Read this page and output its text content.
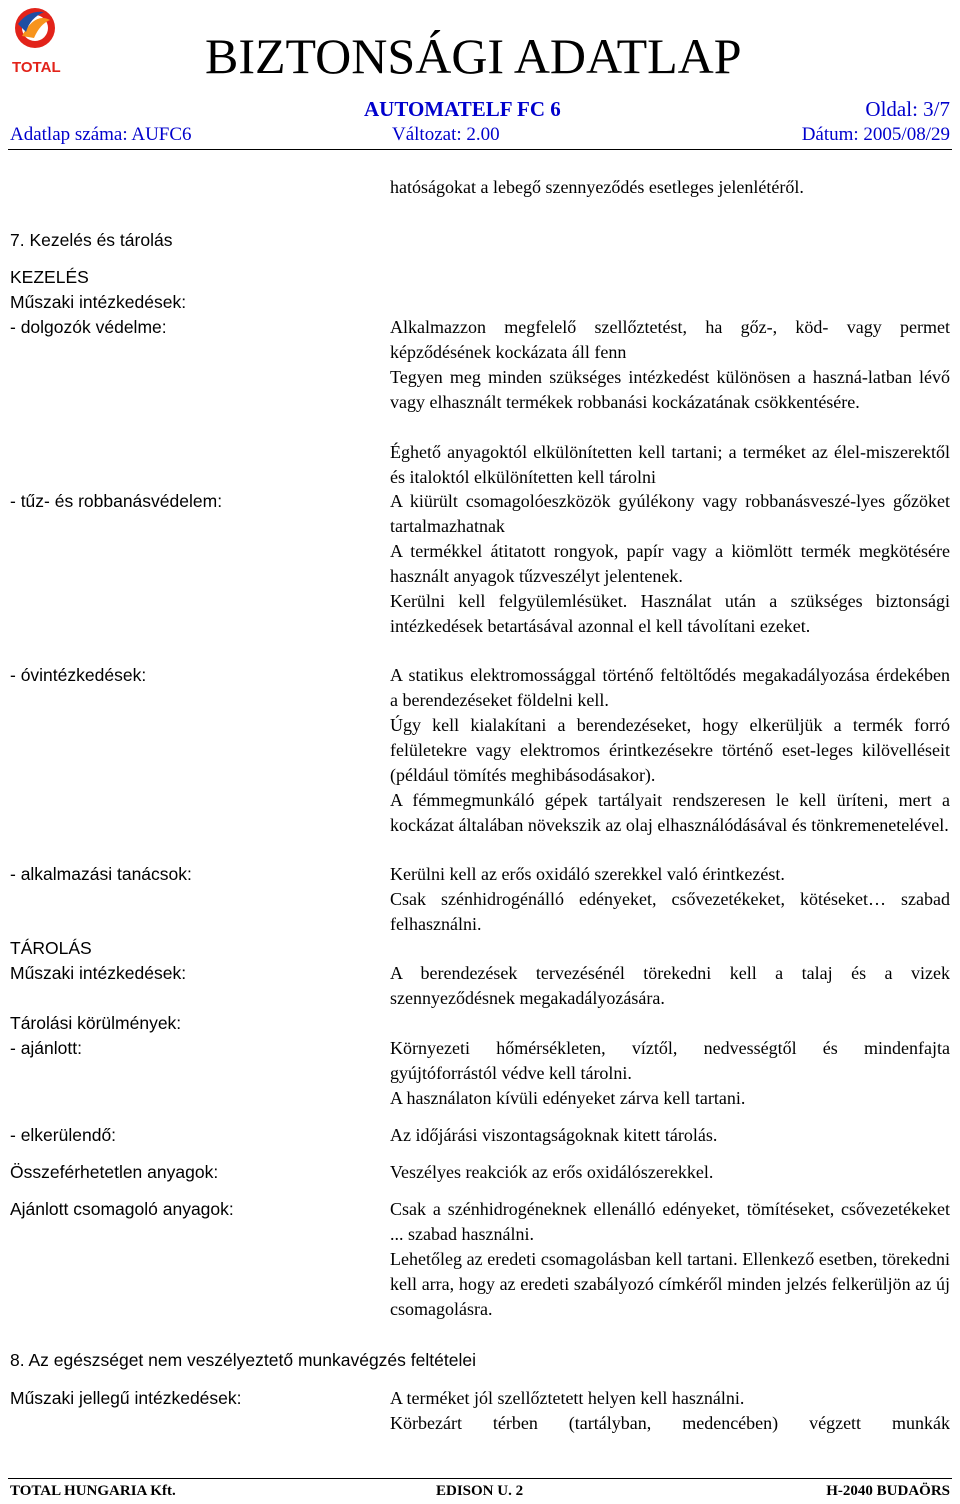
TOTAL	BIZTONSÁGI ADATLAP
AUTOMATELF FC 6	Oldal: 3/7
Adatlap száma: AUFC6	Változat: 2.00	Dátum: 2005/08/29
hatóságokat a lebegő szennyeződés esetleges jelenlétéről.
7. Kezelés és tárolás
KEZELÉS
Műszaki intézkedések:
- dolgozók védelme:	Alkalmazzon megfelelő szellőztetést, ha gőz-, köd- vagy permet képződésének kockázata áll fenn
Tegyen meg minden szükséges intézkedést különösen a haszná-latban lévő vagy elhasznált termékek robbanási kockázatának csökkentésére.
Éghető anyagoktól elkülönítetten kell tartani; a terméket az élel-miszerektől és italoktól elkülönítetten kell tárolni
- tűz- és robbanásvédelem:	A kiürült csomagolóeszközök gyúlékony vagy robbanásveszé-lyes gőzöket tartalmazhatnak
A termékkel átitatott rongyok, papír vagy a kiömlött termék megkötésére használt anyagok tűzveszélyt jelentenek.
Kerülni kell felgyülemlésüket. Használat után a szükséges biztonsági intézkedések betartásával azonnal el kell távolítani ezeket.
- óvintézkedések:	A statikus elektromossággal történő feltöltődés megakadályozása érdekében a berendezéseket földelni kell.
Úgy kell kialakítani a berendezéseket, hogy elkerüljük a termék forró felületekre vagy elektromos érintkezésekre történő eset-leges kilövelléseit (például tömítés meghibásodásakor).
A fémmegmunkáló gépek tartályait rendszeresen le kell üríteni, mert a kockázat általában növekszik az olaj elhasználódásával és tönkremenetelével.
- alkalmazási tanácsok:	Kerülni kell az erős oxidáló szerekkel való érintkezést.
Csak szénhidrogénálló edényeket, csővezetékeket, kötéseket… szabad felhasználni.
TÁROLÁS
Műszaki intézkedések:	A berendezések tervezésénél törekedni kell a talaj és a vizek szennyeződésnek megakadályozására.
Tárolási körülmények:
- ajánlott:	Környezeti hőmérsékleten, víztől, nedvességtől és mindenfajta gyújtóforrástól védve kell tárolni.
A használaton kívüli edényeket zárva kell tartani.
- elkerülendő:	Az időjárási viszontagságoknak kitett tárolás.
Összeférhetetlen anyagok:	Veszélyes reakciók az erős oxidálószerekkel.
Ajánlott csomagoló anyagok:	Csak a szénhidrogéneknek ellenálló edényeket, tömítéseket, csővezetékeket ... szabad használni.
Lehetőleg az eredeti csomagolásban kell tartani. Ellenkező esetben, törekedni kell arra, hogy az eredeti szabályozó címkéről minden jelzés felkerüljön az új csomagolásra.
8. Az egészséget nem veszélyeztető munkavégzés feltételei
Műszaki jellegű intézkedések:	A terméket jól szellőztetett helyen kell használni.
Körbezárt térben (tartályban, medencében) végzett munkák
TOTAL HUNGARIA Kft.	EDISON U. 2	H-2040 BUDAÖRS
